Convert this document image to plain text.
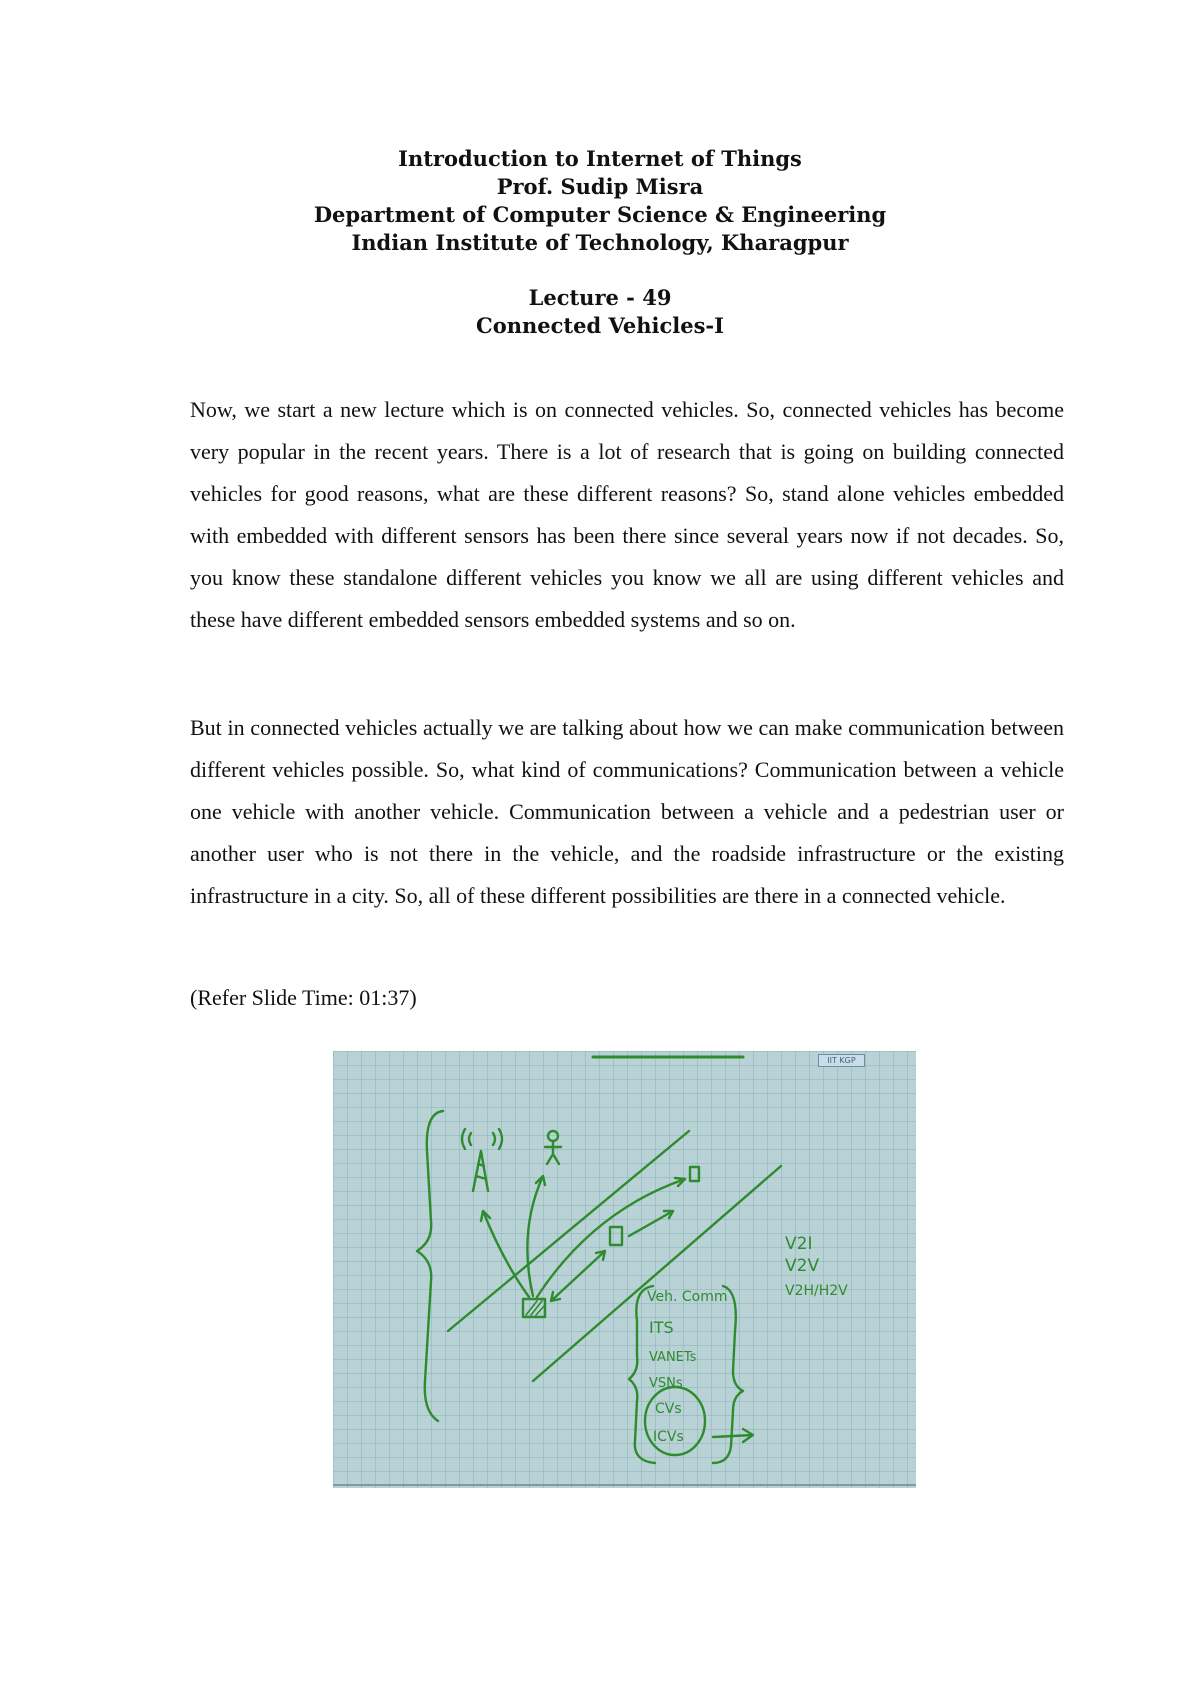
Introduction to Internet of Things
Prof. Sudip Misra
Department of Computer Science & Engineering
Indian Institute of Technology, Kharagpur
Lecture - 49
Connected Vehicles-I

Now, we start a new lecture which is on connected vehicles. So, connected vehicles has become very popular in the recent years. There is a lot of research that is going on building connected vehicles for good reasons, what are these different reasons? So, stand alone vehicles embedded with embedded with different sensors has been there since several years now if not decades. So, you know these standalone different vehicles you know we all are using different vehicles and these have different embedded sensors embedded systems and so on.

But in connected vehicles actually we are talking about how we can make communication between different vehicles possible. So, what kind of communications? Communication between a vehicle one vehicle with another vehicle. Communication between a vehicle and a pedestrian user or another user who is not there in the vehicle, and the roadside infrastructure or the existing infrastructure in a city. So, all of these different possibilities are there in a connected vehicle.

(Refer Slide Time: 01:37)

IIT KGP
V2I
V2V
V2H/H2V
Veh. Comm
ITS
VANETs
VSNs
CVs
ICVs
